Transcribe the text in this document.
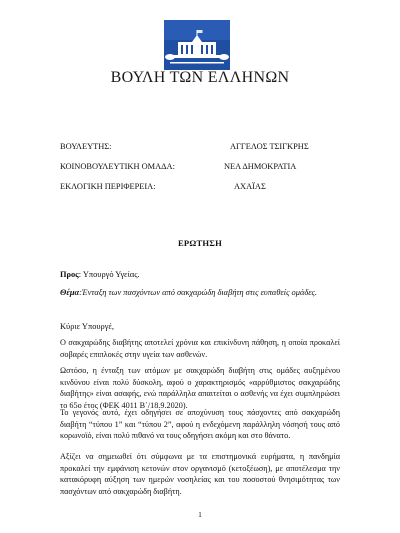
ΒΟΥΛΗ ΤΩΝ ΕΛΛΗΝΩΝ
ΒΟΥΛΕΥΤΗΣ:	ΑΓΓΕΛΟΣ ΤΣΙΓΚΡΗΣ
ΚΟΙΝΟΒΟΥΛΕΥΤΙΚΗ ΟΜΑΔΑ:	ΝΕΑ ΔΗΜΟΚΡΑΤΙΑ
ΕΚΛΟΓΙΚΗ ΠΕΡΙΦΕΡΕΙΑ:	ΑΧΑΪΑΣ
ΕΡΩΤΗΣΗ
Προς: Υπουργό Υγείας.
Θέμα:Ένταξη των πασχόντων από σακχαρώδη διαβήτη στις ευπαθείς ομάδες.
Κύριε Υπουργέ,
Ο σακχαρώδης διαβήτης αποτελεί χρόνια και επικίνδυνη πάθηση, η οποία προκαλεί σοβαρές επιπλοκές στην υγεία των ασθενών.
Ωστόσο, η ένταξη των ατόμων με σακχαρώδη διαβήτη στις ομάδες αυξημένου κινδύνου είναι πολύ δύσκολη, αφού ο χαρακτηρισμός «αρρύθμιστος σακχαρώδης διαβήτης» είναι ασαφής, ενώ παράλληλα απαιτείται ο ασθενής να έχει συμπληρώσει το 65ο έτος (ΦΕΚ 4011 Β΄/18.9.2020).
Το γεγονός αυτό, έχει οδηγήσει σε αποχύνυση τους πάσχοντες από σακχαρώδη διαβήτη “τύπου 1” και “τύπου 2”, αφού η ενδεχόμενη παράλληλη νόσησή τους από κορωνοϊό, είναι πολύ πιθανό να τους οδηγήσει ακόμη και στο θάνατο.
Αξίζει να σημειωθεί ότι σύμφωνα με τα επιστημονικά ευρήματα, η πανδημία προκαλεί την εμφάνιση κετονών στον οργανισμό (κετοξέωση), με αποτέλεσμα την κατακόρυφη αύξηση των ημερών νοσηλείας και του ποσοστού θνησιμότητας των πασχόντων από σακχαρώδη διαβήτη.
1
